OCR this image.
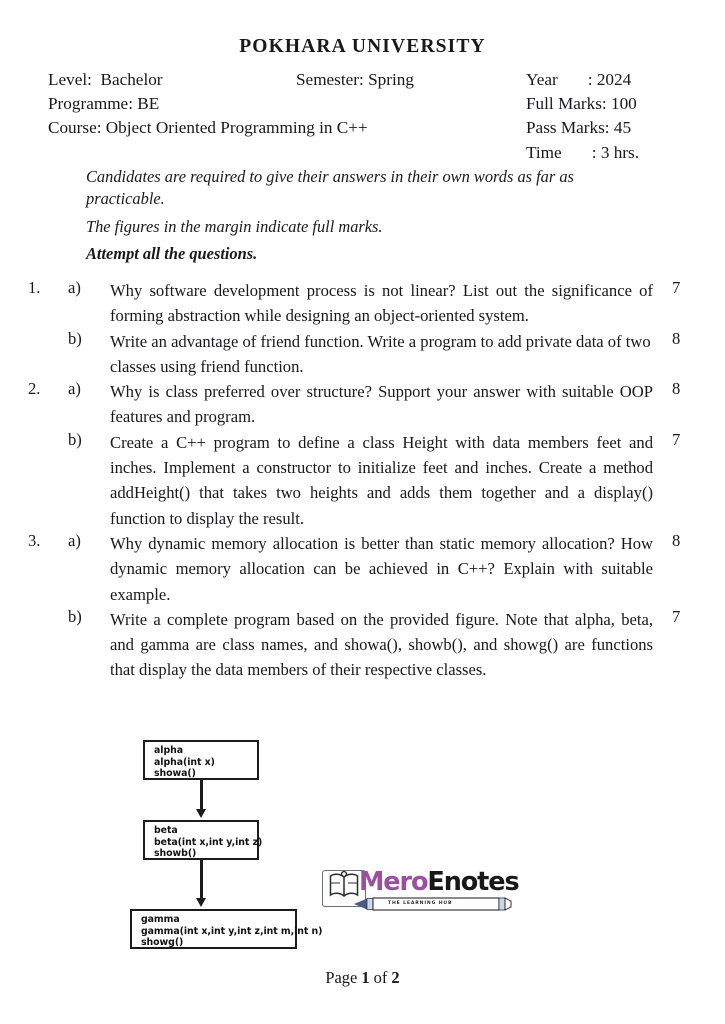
POKHARA UNIVERSITY

Level:  Bachelor

	Semester: Spring

	Year       : 2024

Programme: BE

	Full Marks: 100

Course: Object Oriented Programming in C++

	Pass Marks: 45

Time       : 3 hrs.

Candidates are required to give their answers in their own words as far as practicable.

The figures in the margin indicate full marks.

Attempt all the questions.

1.	a)	Why software development process is not linear? List out the significance of forming abstraction while designing an object-oriented system.
7
b)	Write an advantage of friend function. Write a program to add private data of two classes using friend function.
8
2.	a)	Why is class preferred over structure? Support your answer with suitable OOP features and program.
8
b)	Create a C++ program to define a class Height with data members feet and inches. Implement a constructor to initialize feet and inches. Create a method addHeight() that takes two heights and adds them together and a display() function to display the result.
7
3.	a)	Why dynamic memory allocation is better than static memory allocation? How dynamic memory allocation can be achieved in C++? Explain with suitable example.
8
b)	Write a complete program based on the provided figure. Note that alpha, beta, and gamma are class names, and showa(), showb(), and showg() are functions that display the data members of their respective classes.
7
alpha
alpha(int x)
showa()
beta
beta(int x,int y,int z)
showb()
gamma
gamma(int x,int y,int z,int m,int n)
showg()
MeroEnotes
THE LEARNING HUB
Page 1 of 2
